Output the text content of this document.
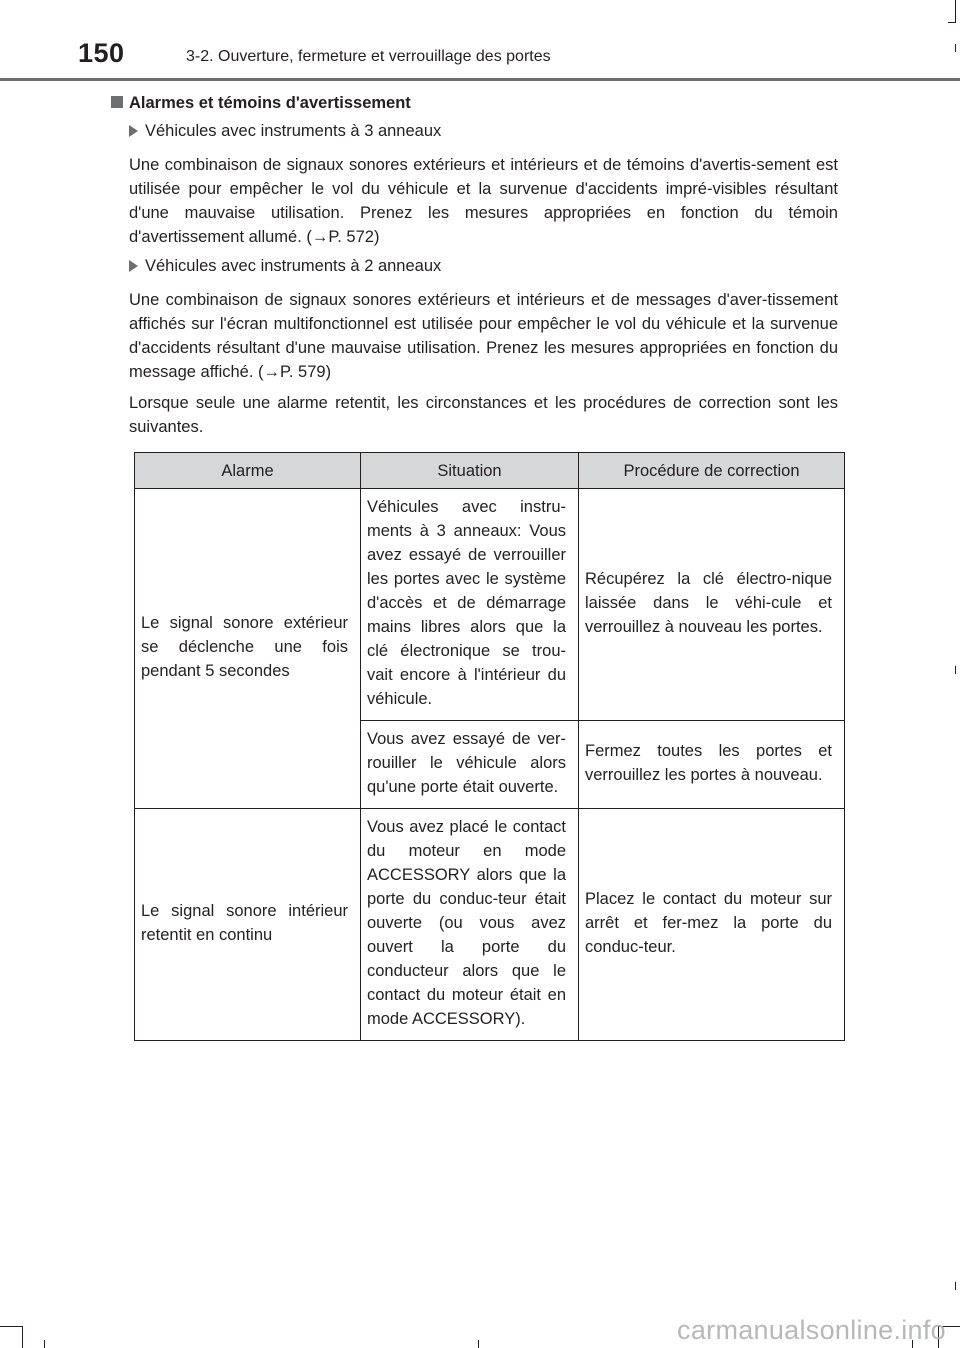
150	3-2. Ouverture, fermeture et verrouillage des portes
Alarmes et témoins d'avertissement
Véhicules avec instruments à 3 anneaux

Une combinaison de signaux sonores extérieurs et intérieurs et de témoins d'avertis-sement est utilisée pour empêcher le vol du véhicule et la survenue d'accidents impré-visibles résultant d'une mauvaise utilisation. Prenez les mesures appropriées en fonction du témoin d'avertissement allumé. (→P. 572)

Véhicules avec instruments à 2 anneaux

Une combinaison de signaux sonores extérieurs et intérieurs et de messages d'aver-tissement affichés sur l'écran multifonctionnel est utilisée pour empêcher le vol du véhicule et la survenue d'accidents résultant d'une mauvaise utilisation. Prenez les mesures appropriées en fonction du message affiché. (→P. 579)

Lorsque seule une alarme retentit, les circonstances et les procédures de correction sont les suivantes.

Alarme	Situation	Procédure de correction
Le signal sonore extérieur se déclenche une fois pendant 5 secondes	Véhicules avec instru-ments à 3 anneaux: Vous avez essayé de verrouiller les portes avec le système d'accès et de démarrage mains libres alors que la clé électronique se trou-vait encore à l'intérieur du véhicule.	Récupérez la clé électro-nique laissée dans le véhi-cule et verrouillez à nouveau les portes.
	Vous avez essayé de ver-rouiller le véhicule alors qu'une porte était ouverte.	Fermez toutes les portes et verrouillez les portes à nouveau.
Le signal sonore intérieur retentit en continu	Vous avez placé le contact du moteur en mode ACCESSORY alors que la porte du conduc-teur était ouverte (ou vous avez ouvert la porte du conducteur alors que le contact du moteur était en mode ACCESSORY).	Placez le contact du moteur sur arrêt et fer-mez la porte du conduc-teur.
carmanualsonline.info
